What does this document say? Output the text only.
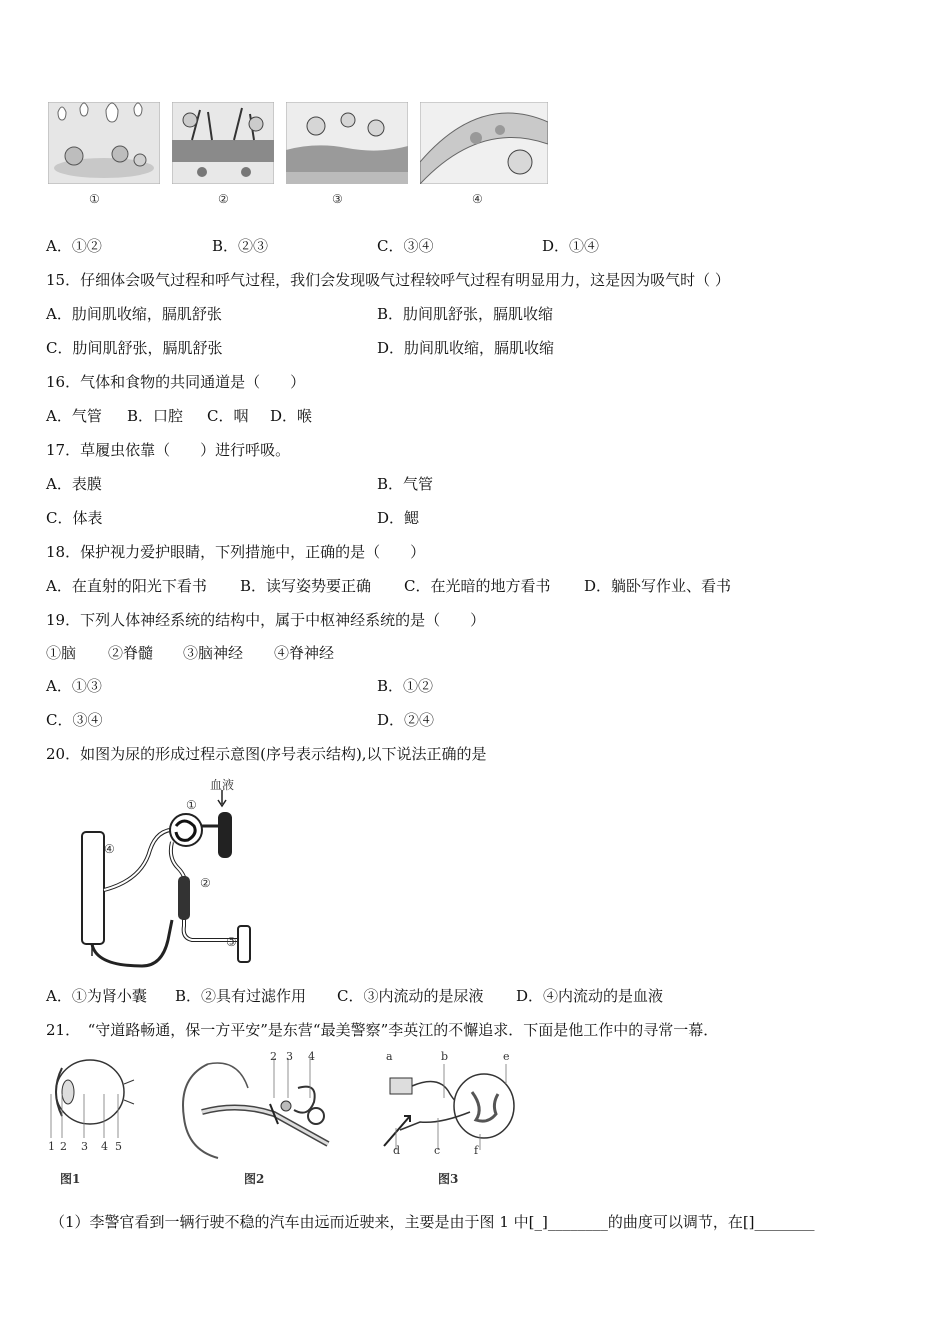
①	②	③	④
A．①②	B．②③	C．③④	D．①④
15．仔细体会吸气过程和呼气过程，我们会发现吸气过程较呼气过程有明显用力，这是因为吸气时（ ）
A．肋间肌收缩，膈肌舒张	B．肋间肌舒张，膈肌收缩
C．肋间肌舒张，膈肌舒张	D．肋间肌收缩，膈肌收缩
16．气体和食物的共同通道是（　　）
A．气管 B．口腔 C．咽 D．喉
17．草履虫依靠（　　）进行呼吸。
A．表膜	B．气管
C．体表	D．鳃
18．保护视力爱护眼睛，下列措施中，正确的是（　　）
A．在直射的阳光下看书 B．读写姿势要正确 C．在光暗的地方看书 D．躺卧写作业、看书
19．下列人体神经系统的结构中，属于中枢神经系统的是（　　）
①脑 ②脊髓 ③脑神经 ④脊神经
A．①③	B．①②
C．③④	D．②④
20．如图为尿的形成过程示意图(序号表示结构),以下说法正确的是
血液
①
②
③
④
A．①为肾小囊 B．②具有过滤作用 C．③内流动的是尿液 D．④内流动的是血液
21．　“守道路畅通，保一方平安”是东营“最美警察”李英江的不懈追求．下面是他工作中的寻常一幕．
1 2 3 4 5
图1
2 3 4
图2
a	b	e
d	c	f
图3
（1）李警官看到一辆行驶不稳的汽车由远而近驶来，主要是由于图 1 中[_]________的曲度可以调节，在[]________
